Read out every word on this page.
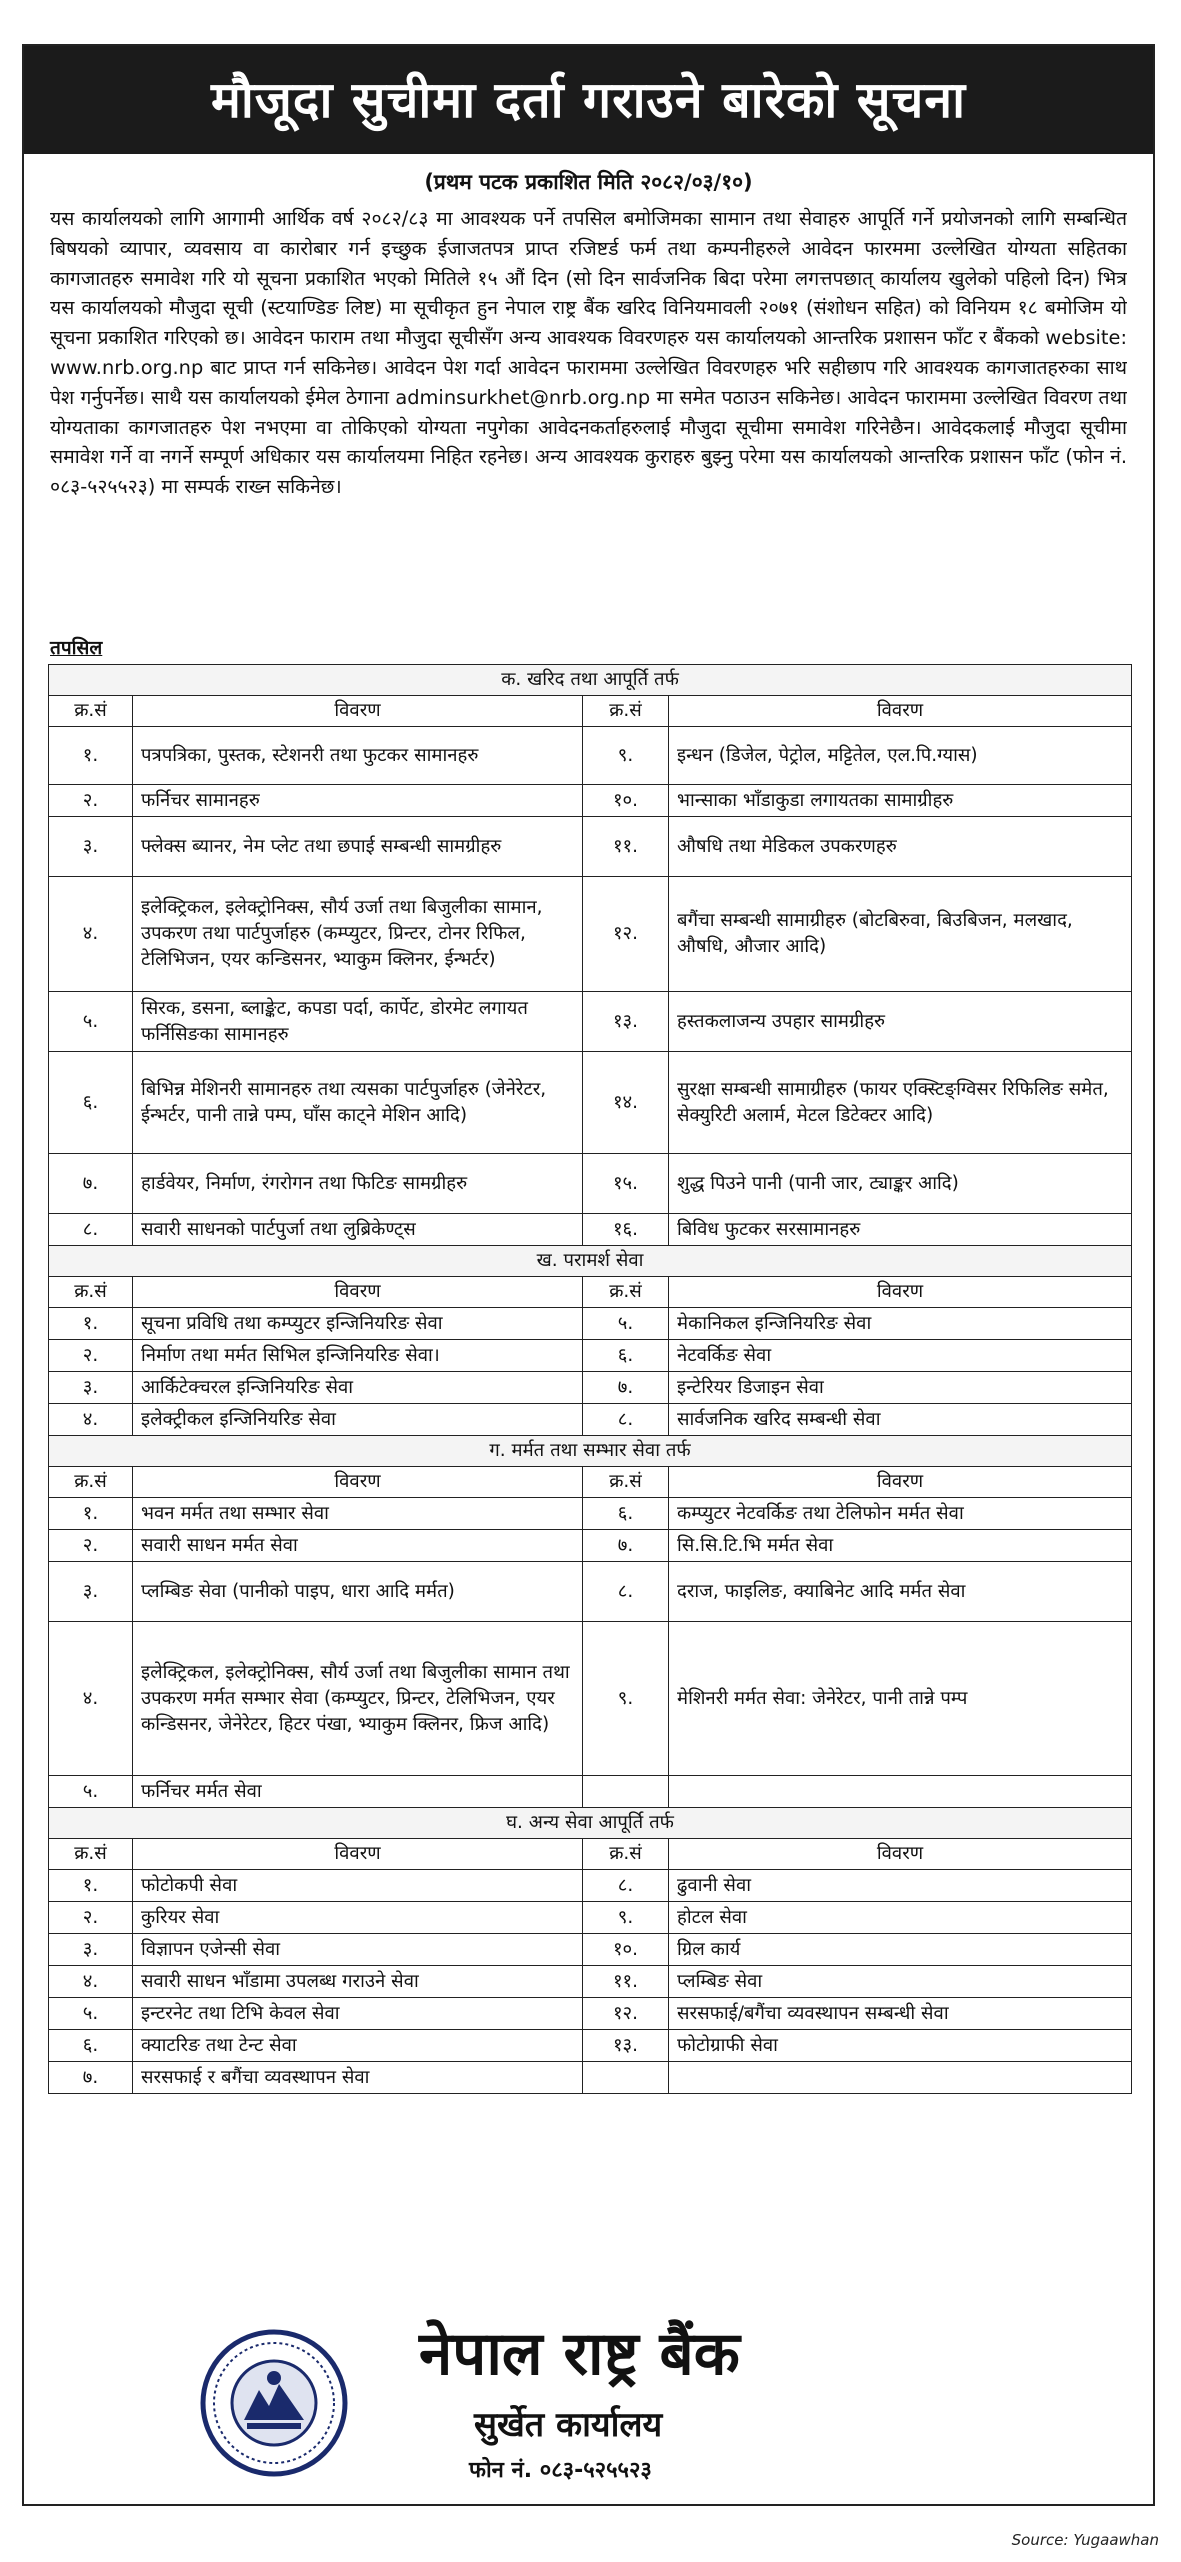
मौजूदा सुचीमा दर्ता गराउने बारेको सूचना
(प्रथम पटक प्रकाशित मिति २०८२/०३/१०)
यस कार्यालयको लागि आगामी आर्थिक वर्ष २०८२/८३ मा आवश्यक पर्ने तपसिल बमोजिमका सामान तथा सेवाहरु आपूर्ति गर्ने प्रयोजनको लागि सम्बन्धित बिषयको व्यापार, व्यवसाय वा कारोबार गर्न इच्छुक ईजाजतपत्र प्राप्त रजिष्टर्ड फर्म तथा कम्पनीहरुले आवेदन फारममा उल्लेखित योग्यता सहितका कागजातहरु समावेश गरि यो सूचना प्रकाशित भएको मितिले १५ औं दिन (सो दिन सार्वजनिक बिदा परेमा लगत्तपछात् कार्यालय खुलेको पहिलो दिन) भित्र यस कार्यालयको मौजुदा सूची (स्टयाण्डिङ लिष्ट) मा सूचीकृत हुन नेपाल राष्ट्र बैंक खरिद विनियमावली २०७१ (संशोधन सहित) को विनियम १८ बमोजिम यो सूचना प्रकाशित गरिएको छ। आवेदन फाराम तथा मौजुदा सूचीसँग अन्य आवश्यक विवरणहरु यस कार्यालयको आन्तरिक प्रशासन फाँट र बैंकको website: www.nrb.org.np बाट प्राप्त गर्न सकिनेछ। आवेदन पेश गर्दा आवेदन फाराममा उल्लेखित विवरणहरु भरि सहीछाप गरि आवश्यक कागजातहरुका साथ पेश गर्नुपर्नेछ। साथै यस कार्यालयको ईमेल ठेगाना adminsurkhet@nrb.org.np मा समेत पठाउन सकिनेछ। आवेदन फाराममा उल्लेखित विवरण तथा योग्यताका कागजातहरु पेश नभएमा वा तोकिएको योग्यता नपुगेका आवेदनकर्ताहरुलाई मौजुदा सूचीमा समावेश गरिनेछैन। आवेदकलाई मौजुदा सूचीमा समावेश गर्ने वा नगर्ने सम्पूर्ण अधिकार यस कार्यालयमा निहित रहनेछ। अन्य आवश्यक कुराहरु बुझ्नु परेमा यस कार्यालयको आन्तरिक प्रशासन फाँट (फोन नं. ०८३-५२५५२३) मा सम्पर्क राख्न सकिनेछ।
तपसिल
क. खरिद तथा आपूर्ति तर्फ			
क्र.सं	विवरण	क्र.सं	विवरण
१.	पत्रपत्रिका, पुस्तक, स्टेशनरी तथा फुटकर सामानहरु	९.	इन्धन (डिजेल, पेट्रोल, मट्टितेल, एल.पि.ग्यास)
२.	फर्निचर सामानहरु	१०.	भान्साका भाँडाकुडा लगायतका सामाग्रीहरु
३.	फ्लेक्स ब्यानर, नेम प्लेट तथा छपाई सम्बन्धी सामग्रीहरु	११.	औषधि तथा मेडिकल उपकरणहरु
४.	इलेक्ट्रिकल, इलेक्ट्रोनिक्स, सौर्य उर्जा तथा बिजुलीका सामान, उपकरण तथा पार्टपुर्जाहरु (कम्प्युटर, प्रिन्टर, टोनर रिफिल, टेलिभिजन, एयर कन्डिसनर, भ्याकुम क्लिनर, ईन्भर्टर)	१२.	बगैंचा सम्बन्धी सामाग्रीहरु (बोटबिरुवा, बिउबिजन, मलखाद, औषधि, औजार आदि)
५.	सिरक, डसना, ब्लाङ्केट, कपडा पर्दा, कार्पेट, डोरमेट लगायत फर्निसिङका सामानहरु	१३.	हस्तकलाजन्य उपहार सामग्रीहरु
६.	बिभिन्न मेशिनरी सामानहरु तथा त्यसका पार्टपुर्जाहरु (जेनेरेटर, ईन्भर्टर, पानी तान्ने पम्प, घाँस काट्ने मेशिन आदि)	१४.	सुरक्षा सम्बन्धी सामाग्रीहरु (फायर एक्स्टिङ्ग्विसर रिफिलिङ समेत, सेक्युरिटी अलार्म, मेटल डिटेक्टर आदि)
७.	हार्डवेयर, निर्माण, रंगरोगन तथा फिटिङ सामग्रीहरु	१५.	शुद्ध पिउने पानी (पानी जार, ट्याङ्कर आदि)
८.	सवारी साधनको पार्टपुर्जा तथा लुब्रिकेण्ट्स	१६.	बिविध फुटकर सरसामानहरु
ख. परामर्श सेवा			
क्र.सं	विवरण	क्र.सं	विवरण
१.	सूचना प्रविधि तथा कम्प्युटर इन्जिनियरिङ सेवा	५.	मेकानिकल इन्जिनियरिङ सेवा
२.	निर्माण तथा मर्मत सिभिल इन्जिनियरिङ सेवा।	६.	नेटवर्किङ सेवा
३.	आर्किटेक्चरल इन्जिनियरिङ सेवा	७.	इन्टेरियर डिजाइन सेवा
४.	इलेक्ट्रीकल इन्जिनियरिङ सेवा	८.	सार्वजनिक खरिद सम्बन्धी सेवा
ग. मर्मत तथा सम्भार सेवा तर्फ			
क्र.सं	विवरण	क्र.सं	विवरण
१.	भवन मर्मत तथा सम्भार सेवा	६.	कम्प्युटर नेटवर्किङ तथा टेलिफोन मर्मत सेवा
२.	सवारी साधन मर्मत सेवा	७.	सि.सि.टि.भि मर्मत सेवा
३.	प्लम्बिङ सेवा (पानीको पाइप, धारा आदि मर्मत)	८.	दराज, फाइलिङ, क्याबिनेट आदि मर्मत सेवा
४.	इलेक्ट्रिकल, इलेक्ट्रोनिक्स, सौर्य उर्जा तथा बिजुलीका सामान तथा उपकरण मर्मत सम्भार सेवा (कम्प्युटर, प्रिन्टर, टेलिभिजन, एयर कन्डिसनर, जेनेरेटर, हिटर पंखा, भ्याकुम क्लिनर, फ्रिज आदि)	९.	मेशिनरी मर्मत सेवा: जेनेरेटर, पानी तान्ने पम्प
५.	फर्निचर मर्मत सेवा		
घ. अन्य सेवा आपूर्ति तर्फ			
क्र.सं	विवरण	क्र.सं	विवरण
१.	फोटोकपी सेवा	८.	ढुवानी सेवा
२.	कुरियर सेवा	९.	होटल सेवा
३.	विज्ञापन एजेन्सी सेवा	१०.	ग्रिल कार्य
४.	सवारी साधन भाँडामा उपलब्ध गराउने सेवा	११.	प्लम्बिङ सेवा
५.	इन्टरनेट तथा टिभि केवल सेवा	१२.	सरसफाई/बगैंचा व्यवस्थापन सम्बन्धी सेवा
६.	क्याटरिङ तथा टेन्ट सेवा	१३.	फोटोग्राफी सेवा
७.	सरसफाई र बगैंचा व्यवस्थापन सेवा		
नेपाल राष्ट्र बैंक
सुर्खेत कार्यालय
फोन नं. ०८३-५२५५२३
Source: Yugaawhan
